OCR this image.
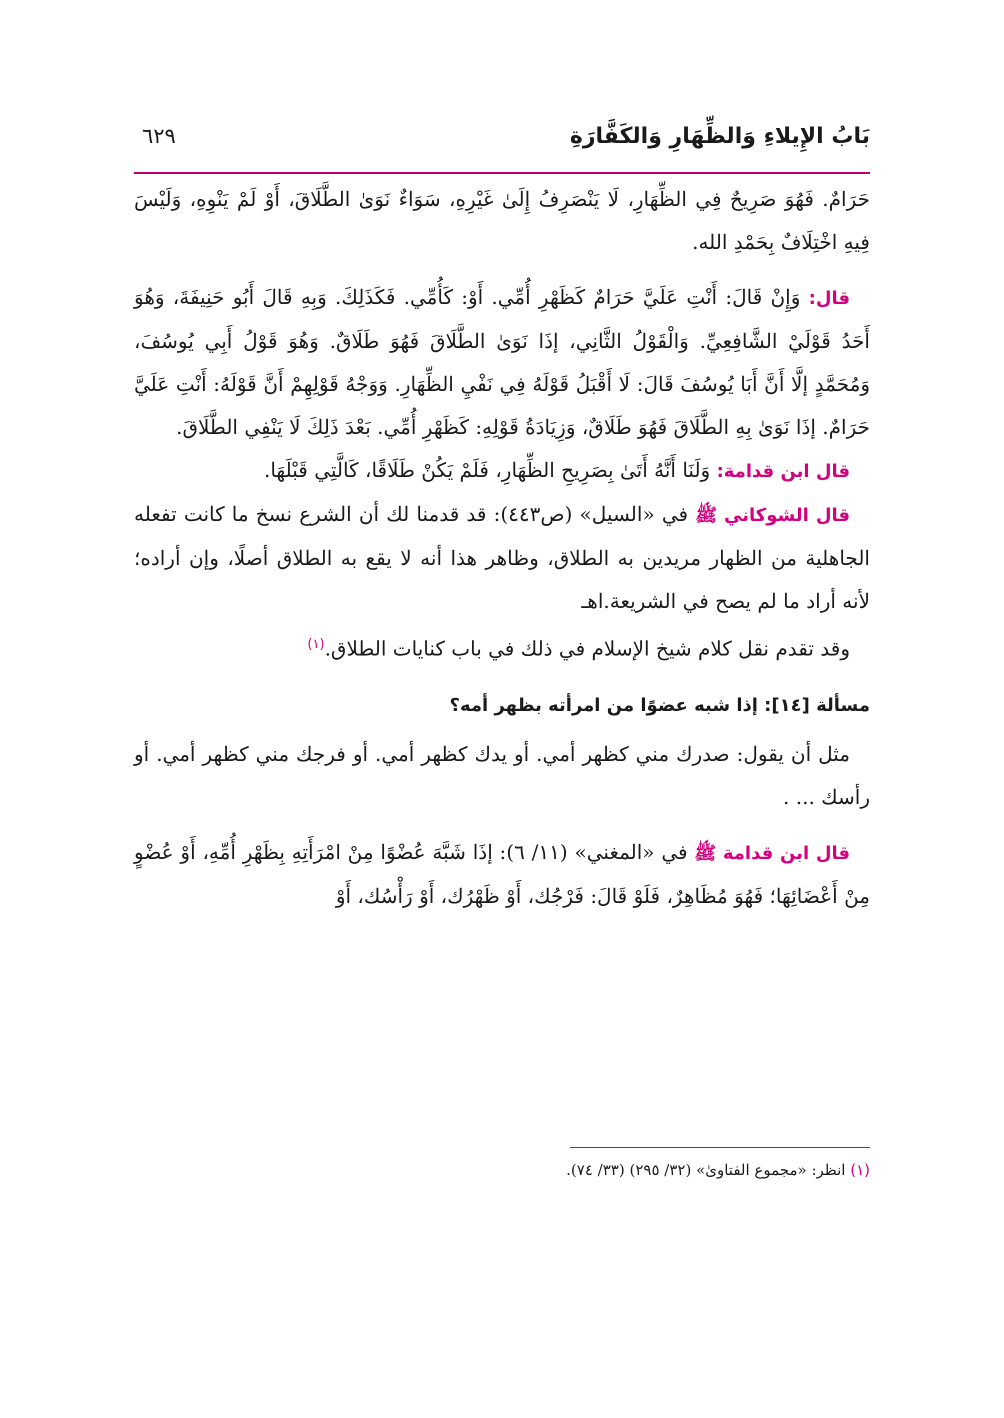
بَابُ الإِيلاءِ وَالظِّهَارِ وَالكَفَّارَةِ
٦٢٩

حَرَامٌ. فَهُوَ صَرِيحٌ فِي الظِّهَارِ، لَا يَنْصَرِفُ إِلَىٰ غَيْرِهِ، سَوَاءٌ نَوَىٰ الطَّلَاقَ، أَوْ لَمْ يَنْوِهِ، وَلَيْسَ فِيهِ اخْتِلَافٌ بِحَمْدِ الله.

قال: وَإِنْ قَالَ: أَنْتِ عَلَيَّ حَرَامٌ كَظَهْرِ أُمِّي. أَوْ: كَأُمِّي. فَكَذَلِكَ. وَبِهِ قَالَ أَبُو حَنِيفَةَ، وَهُوَ أَحَدُ قَوْلَيْ الشَّافِعِيِّ. وَالْقَوْلُ الثَّانِي، إذَا نَوَىٰ الطَّلَاقَ فَهُوَ طَلَاقٌ. وَهُوَ قَوْلُ أَبِي يُوسُفَ، وَمُحَمَّدٍ إلَّا أَنَّ أَبَا يُوسُفَ قَالَ: لَا أَقْبَلُ قَوْلَهُ فِي نَفْيِ الظِّهَارِ. وَوَجْهُ قَوْلِهِمْ أَنَّ قَوْلَهُ: أَنْتِ عَلَيَّ حَرَامٌ. إذَا نَوَىٰ بِهِ الطَّلَاقَ فَهُوَ طَلَاقٌ، وَزِيَادَةُ قَوْلِهِ: كَظَهْرِ أُمِّي. بَعْدَ ذَلِكَ لَا يَنْفِي الطَّلَاقَ.

قال ابن قدامة: وَلَنَا أَنَّهُ أَتَىٰ بِصَرِيحِ الظِّهَارِ، فَلَمْ يَكُنْ طَلَاقًا، كَالَّتِي قَبْلَهَا.

قال الشوكاني ﷺ في «السيل» (ص٤٤٣): قد قدمنا لك أن الشرع نسخ ما كانت تفعله الجاهلية من الظهار مريدين به الطلاق، وظاهر هذا أنه لا يقع به الطلاق أصلًا، وإن أراده؛ لأنه أراد ما لم يصح في الشريعة.اهـ

وقد تقدم نقل كلام شيخ الإسلام في ذلك في باب كنايات الطلاق.$^{(١)}$

مسألة [١٤]: إذا شبه عضوًا من امرأته بظهر أمه؟

مثل أن يقول: صدرك مني كظهر أمي. أو يدك كظهر أمي. أو فرجك مني كظهر أمي. أو رأسك ... .

قال ابن قدامة ﷺ في «المغني» (١١/ ٦): إذَا شَبَّهَ عُضْوًا مِنْ امْرَأَتِهِ بِظَهْرِ أُمِّهِ، أَوْ عُضْوٍ مِنْ أَعْضَائِهَا؛ فَهُوَ مُظَاهِرٌ، فَلَوْ قَالَ: فَرْجُك، أَوْ ظَهْرُك، أَوْ رَأْسُك، أَوْ

(١) انظر: «مجموع الفتاوىٰ» (٣٢/ ٢٩٥) (٣٣/ ٧٤).
